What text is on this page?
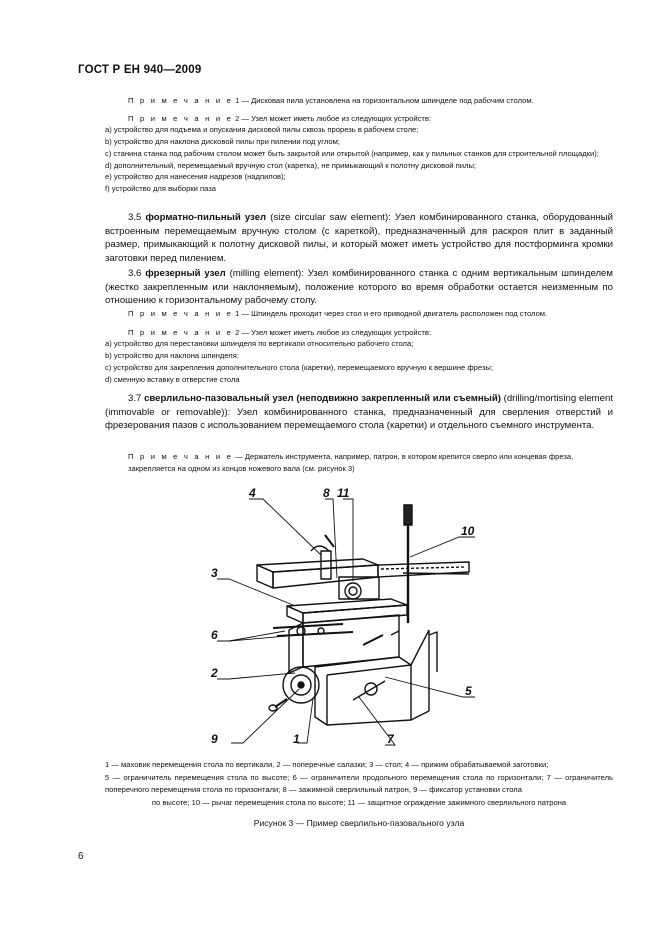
ГОСТ Р ЕН 940—2009

П р и м е ч а н и е 1 — Дисковая пила установлена на горизонтальном шпинделе под рабочим столом.

П р и м е ч а н и е 2 — Узел может иметь любое из следующих устройств:

a) устройство для подъема и опускания дисковой пилы сквозь прорезь в рабочем столе;

b) устройство для наклона дисковой пилы при пилении под углом;

c) станина станка под рабочим столом может быть закрытой или открытой (например, как у пильных станков для строительной площадки);

d) дополнительный, перемещаемый вручную стол (каретка), не примыкающий к полотну дисковой пилы;

e) устройство для нанесения надрезов (надпилов);

f) устройство для выборки паза

3.5 форматно-пильный узел (size circular saw element): Узел комбинированного станка, оборудованный встроенным перемещаемым вручную столом (с кареткой), предназначенный для раскроя плит в заданный размер, примыкающий к полотну дисковой пилы, и который может иметь устройство для постформинга кромки заготовки перед пилением.

3.6 фрезерный узел (milling element): Узел комбинированного станка с одним вертикальным шпинделем (жестко закрепленным или наклоняемым), положение которого во время обработки остается неизменным по отношению к горизонтальному рабочему столу.

П р и м е ч а н и е 1 — Шпиндель проходит через стол и его приводной двигатель расположен под столом.

П р и м е ч а н и е 2 — Узел может иметь любое из следующих устройств:

a) устройство для перестановки шпинделя по вертикали относительно рабочего стола;

b) устройство для наклона шпинделя;

c) устройство для закрепления дополнительного стола (каретки), перемещаемого вручную к вершине фрезы;

d) сменную вставку в отверстие стола

3.7 сверлильно-пазовальный узел (неподвижно закрепленный или съемный) (drilling/mortising element (immovable or removable)): Узел комбинированного станка, предназначенный для сверления отверстий и фрезерования пазов с использованием перемещаемого стола (каретки) и отдельного съемного инструмента.

П р и м е ч а н и е — Держатель инструмента, например, патрон, в котором крепится сверло или концевая фреза, закрепляется на одном из концов ножевого вала (см. рисунок 3)

4	8 11
10
3
6
2
5
9	1	7

1 — маховик перемещения стола по вертикали, 2 — поперечные салазки; 3 — стол; 4 — прижим обрабатываемой заготовки;

5 — ограничитель перемещения стола по высоте; 6 — ограничители продольного перемещения стола по горизонтали; 7 — ограничитель поперечного перемещения стола по горизонтали; 8 — зажимной сверлильный патрон, 9 — фиксатор установки стола

по высоте; 10 — рычаг перемещения стола по высоте; 11 — защитное ограждение зажимного сверлильного патрона

Рисунок 3 — Пример сверлильно-пазовального узла
6
